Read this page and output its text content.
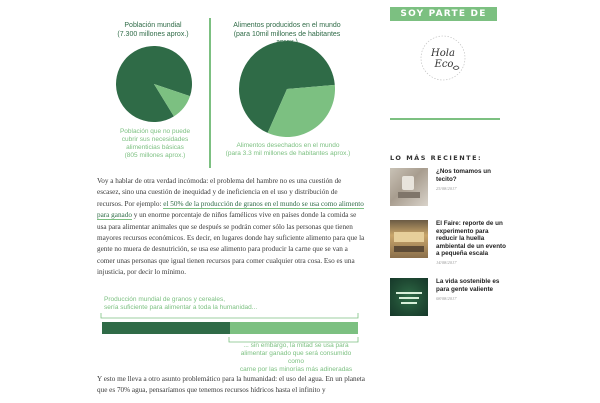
Población mundial
(7.300 millones aprox.)
Población que no puede
cubrir sus necesidades
alimenticias básicas
(805 millones aprox.)
Alimentos producidos en el mundo
(para 10mil millones de habitantes
Alimentos desechados en el mundo
(para 3.3 mil millones de habitantes aprox.)

Voy a hablar de otra verdad incómoda: el problema del hambre no es una cuestión de escasez, sino una cuestión de inequidad y de ineficiencia en el uso y distribución de recursos. Por ejemplo: el 50% de la producción de granos en el mundo se usa como alimento para ganado y un enorme porcentaje de niños famélicos vive en países donde la comida se usa para alimentar animales que se después se podrán comer sólo las personas que tienen mayores recursos económicos. Es decir, en lugares donde hay suficiente alimento para que la gente no muera de desnutrición, se usa ese alimento para producir la carne que se van a comer unas personas que igual tienen recursos para comer cualquier otra cosa. Eso es una injusticia, por decir lo mínimo.

Producción mundial de granos y cereales,
sería suficiente para alimentar a toda la humanidad...
... sin embargo, la mitad se usa para
alimentar ganado que será consumido como
carne por las minorías más adineradas

Y esto me lleva a otro asunto problemático para la humanidad: el uso del agua. En un planeta que es 70% agua, pensaríamos que tenemos recursos hídricos hasta el infinito y

SOY PARTE DE
Hola
Eco
LO MÁS RECIENTE:
¿Nos tomamos un tecito?
25/08/2017
El Faire: reporte de un experimento para reducir la huella ambiental de un evento a pequeña escala
14/08/2017
La vida sostenible es para gente valiente
08/08/2017
